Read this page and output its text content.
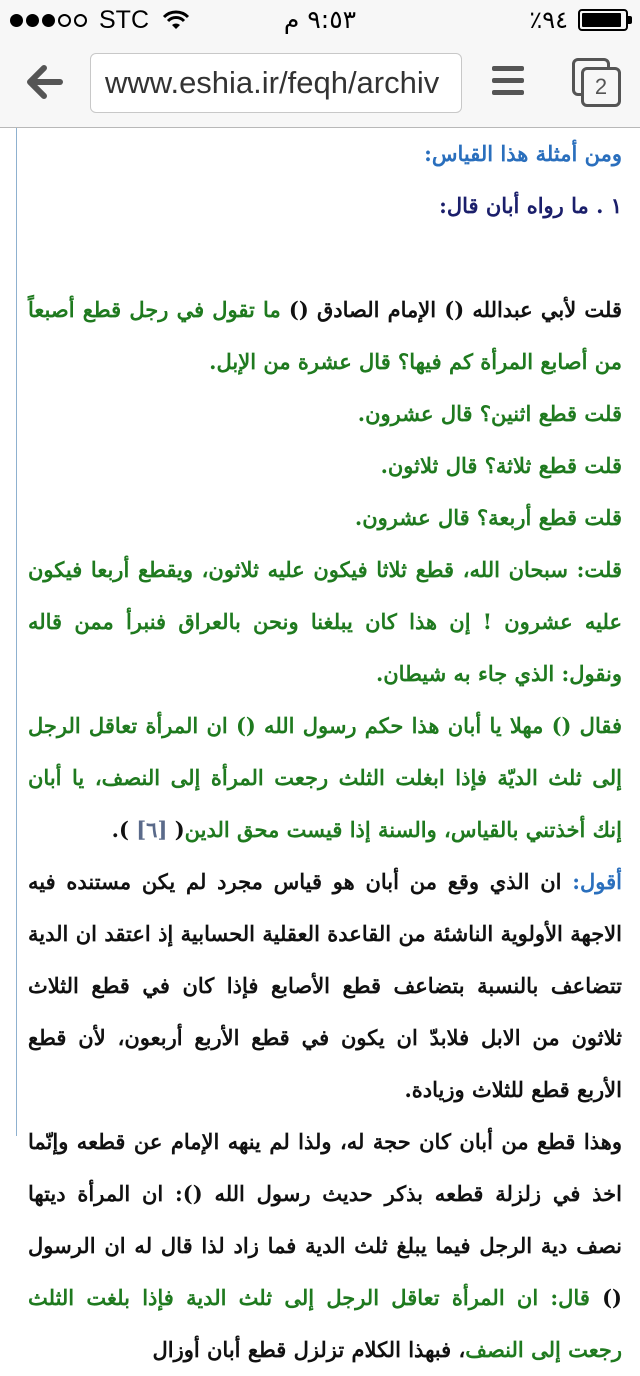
STC	٩:٥٣ م	٪٩٤
www.eshia.ir/feqh/archiv	2

ومن أمثلة هذا القياس:

١ . ما رواه أبان قال:

قلت لأبي عبدالله () الإمام الصادق () ما تقول في رجل قطع أصبعاً من أصابع المرأة كم فيها؟ قال عشرة من الإبل.

قلت قطع اثنين؟ قال عشرون.

قلت قطع ثلاثة؟ قال ثلاثون.

قلت قطع أربعة؟ قال عشرون.

قلت: سبحان الله، قطع ثلاثا فيكون عليه ثلاثون، ويقطع أربعا فيكون عليه عشرون ! إن هذا كان يبلغنا ونحن بالعراق فنبرأ ممن قاله ونقول: الذي جاء به شيطان.

فقال () مهلا يا أبان هذا حكم رسول الله () ان المرأة تعاقل الرجل إلى ثلث الديّة فإذا ابغلت الثلث رجعت المرأة إلى النصف، يا أبان إنك أخذتني بالقياس، والسنة إذا قيست محق الدين( [٦] ).

أقول: ان الذي وقع من أبان هو قياس مجرد لم يكن مستنده فيه الاجهة الأولوية الناشئة من القاعدة العقلية الحسابية إذ اعتقد ان الدية تتضاعف بالنسبة بتضاعف قطع الأصابع فإذا كان في قطع الثلاث ثلاثون من الابل فلابدّ ان يكون في قطع الأربع أربعون، لأن قطع الأربع قطع للثلاث وزيادة.

وهذا قطع من أبان كان حجة له، ولذا لم ينهه الإمام عن قطعه وإنّما اخذ في زلزلة قطعه بذكر حديث رسول الله (): ان المرأة ديتها نصف دية الرجل فيما يبلغ ثلث الدية فما زاد لذا قال له ان الرسول () قال: ان المرأة تعاقل الرجل إلى ثلث الدية فإذا بلغت الثلث رجعت إلى النصف، فبهذا الكلام تزلزل قطع أبان أوزال
